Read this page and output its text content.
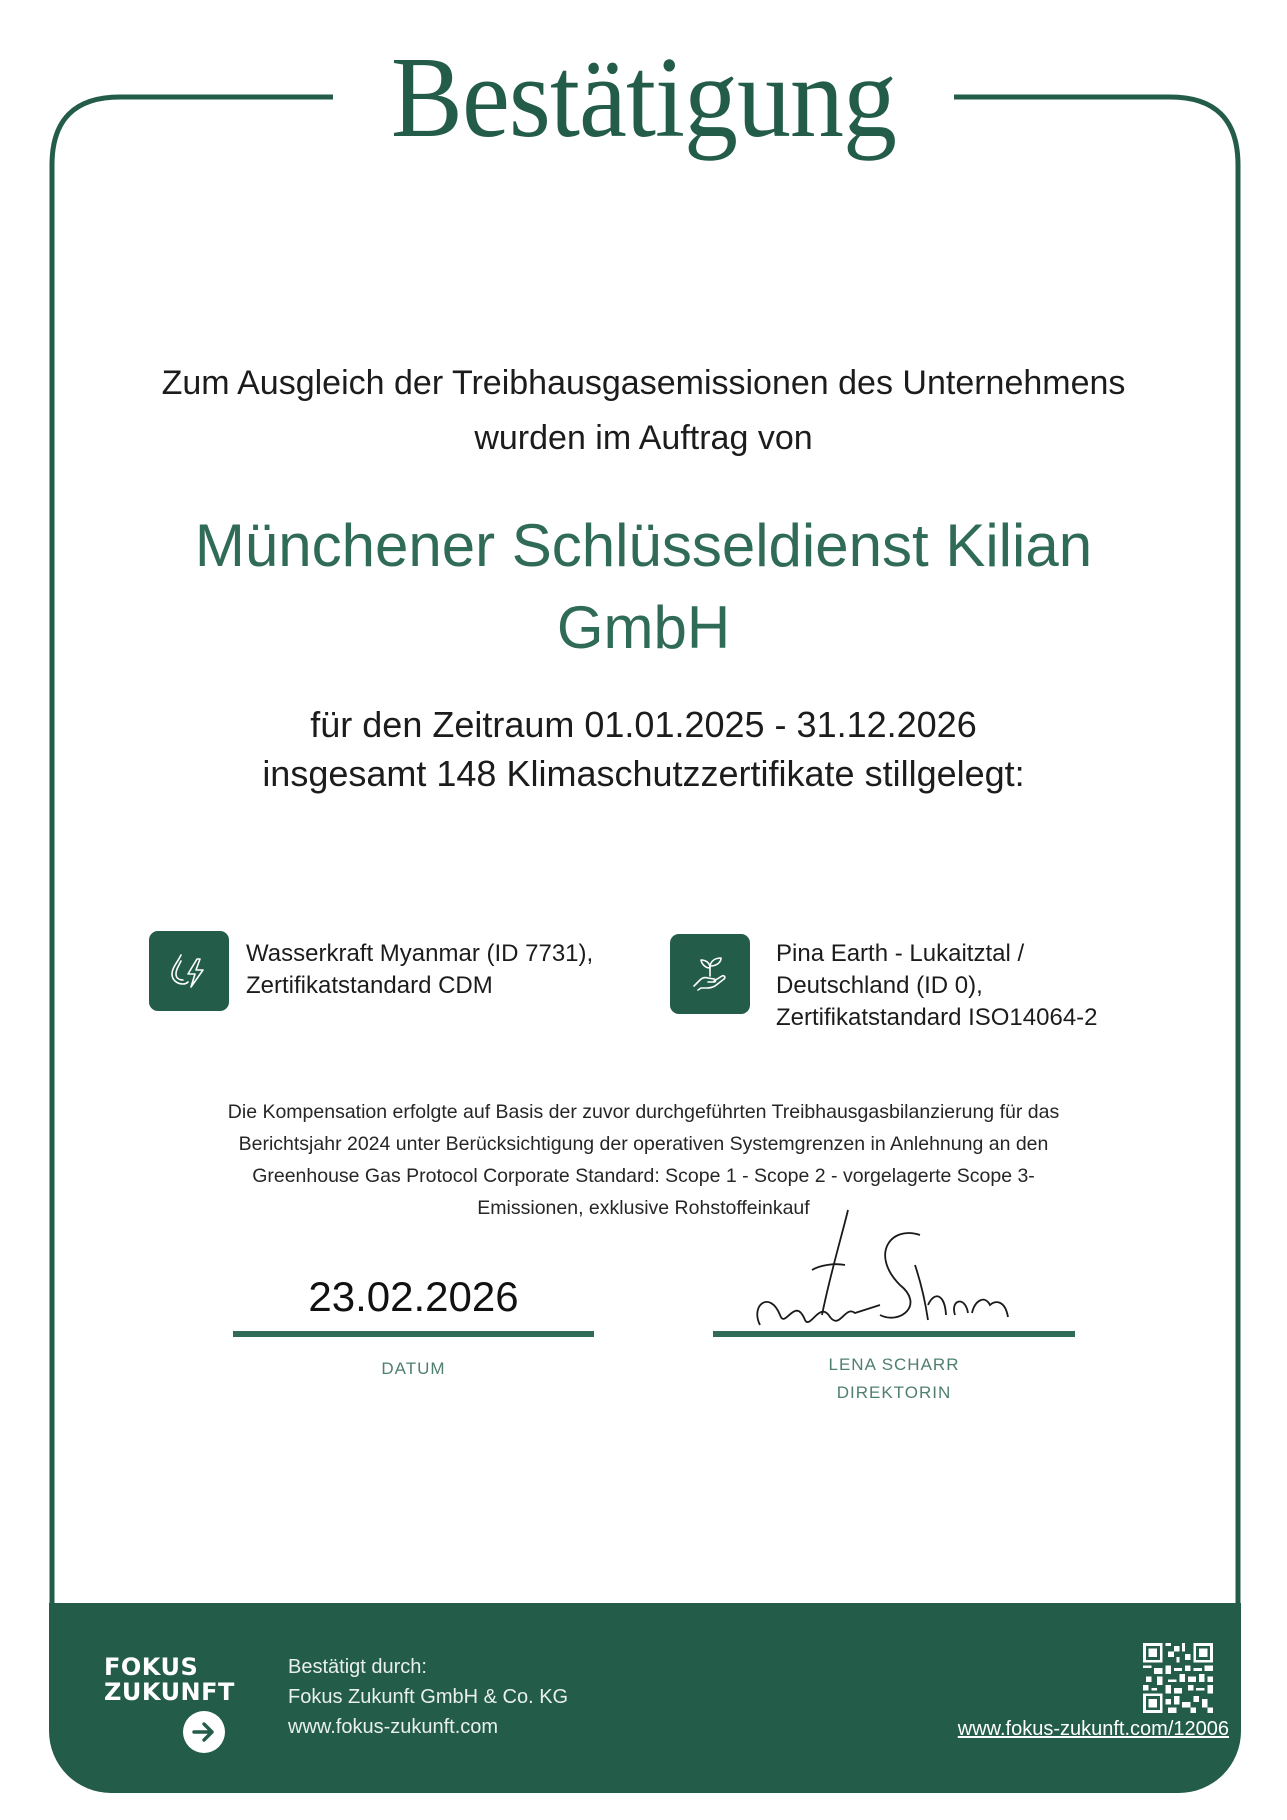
Bestätigung
Zum Ausgleich der Treibhausgasemissionen des Unternehmens
wurden im Auftrag von
Münchener Schlüsseldienst Kilian
GmbH
für den Zeitraum 01.01.2025 - 31.12.2026
insgesamt 148 Klimaschutzzertifikate stillgelegt:
Wasserkraft Myanmar (ID 7731),
Zertifikatstandard CDM
Pina Earth - Lukaitztal /
Deutschland (ID 0),
Zertifikatstandard ISO14064-2
Die Kompensation erfolgte auf Basis der zuvor durchgeführten Treibhausgasbilanzierung für das
Berichtsjahr 2024 unter Berücksichtigung der operativen Systemgrenzen in Anlehnung an den
Greenhouse Gas Protocol Corporate Standard: Scope 1 - Scope 2 - vorgelagerte Scope 3-
Emissionen, exklusive Rohstoffeinkauf
23.02.2026
DATUM	LENA SCHARR
DIREKTORIN
FOKUS
ZUKUNFT
Bestätigt durch:
Fokus Zukunft GmbH & Co. KG
www.fokus-zukunft.com	www.fokus-zukunft.com/12006
